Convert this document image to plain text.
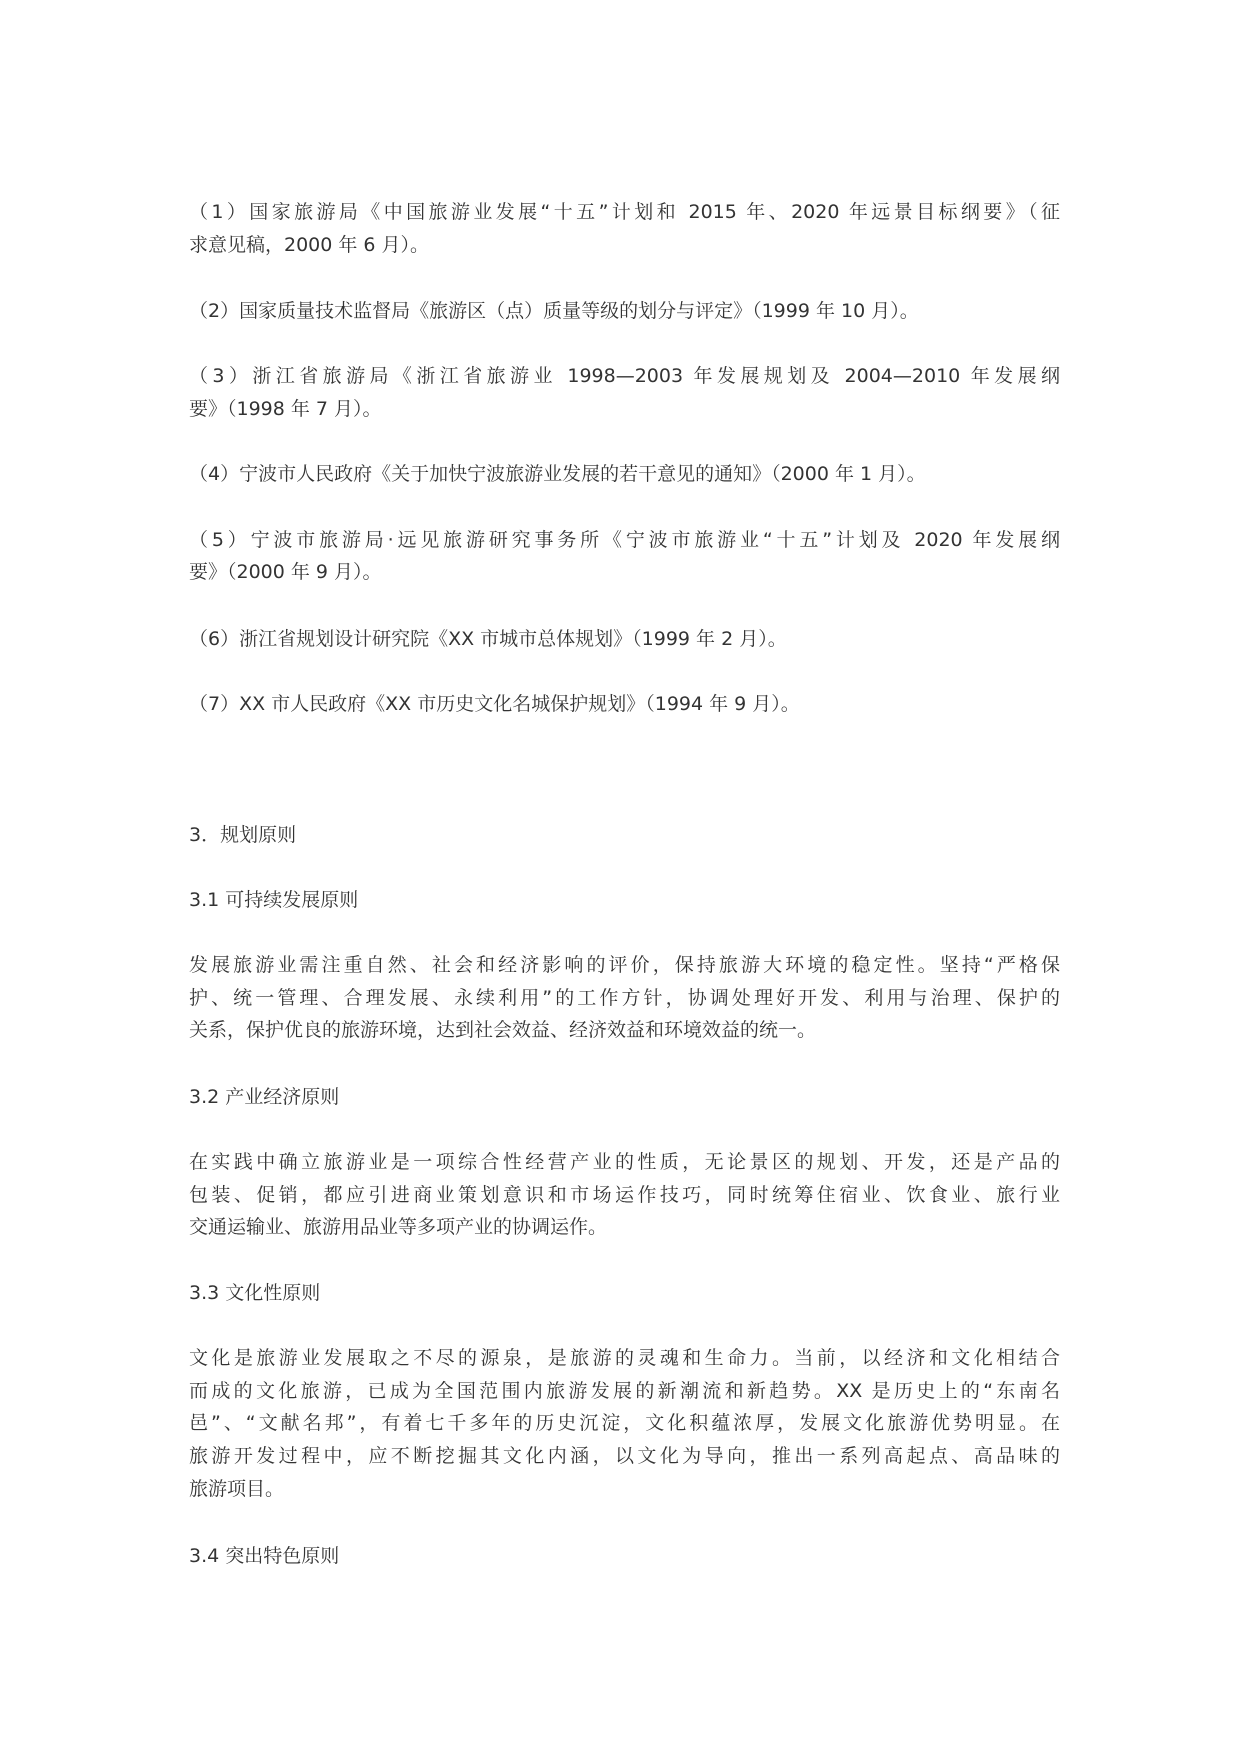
（1）国家旅游局《中国旅游业发展“十五”计划和 2015 年、2020 年远景目标纲要》（征
求意见稿，2000 年 6 月）。
（2）国家质量技术监督局《旅游区（点）质量等级的划分与评定》（1999 年 10 月）。
（3）浙江省旅游局《浙江省旅游业 1998—2003 年发展规划及 2004—2010 年发展纲
要》（1998 年 7 月）。
（4）宁波市人民政府《关于加快宁波旅游业发展的若干意见的通知》（2000 年 1 月）。
（5）宁波市旅游局·远见旅游研究事务所《宁波市旅游业“十五”计划及 2020 年发展纲
要》（2000 年 9 月）。
（6）浙江省规划设计研究院《XX 市城市总体规划》（1999 年 2 月）。
（7）XX 市人民政府《XX 市历史文化名城保护规划》（1994 年 9 月）。
3．规划原则
3.1 可持续发展原则
发展旅游业需注重自然、社会和经济影响的评价，保持旅游大环境的稳定性。坚持“严格保
护、统一管理、合理发展、永续利用”的工作方针，协调处理好开发、利用与治理、保护的
关系，保护优良的旅游环境，达到社会效益、经济效益和环境效益的统一。
3.2 产业经济原则
在实践中确立旅游业是一项综合性经营产业的性质，无论景区的规划、开发，还是产品的
包装、促销，都应引进商业策划意识和市场运作技巧，同时统筹住宿业、饮食业、旅行业
交通运输业、旅游用品业等多项产业的协调运作。
3.3 文化性原则
文化是旅游业发展取之不尽的源泉，是旅游的灵魂和生命力。当前，以经济和文化相结合
而成的文化旅游，已成为全国范围内旅游发展的新潮流和新趋势。XX 是历史上的“东南名
邑”、“文献名邦”，有着七千多年的历史沉淀，文化积蕴浓厚，发展文化旅游优势明显。在
旅游开发过程中，应不断挖掘其文化内涵，以文化为导向，推出一系列高起点、高品味的
旅游项目。
3.4 突出特色原则
